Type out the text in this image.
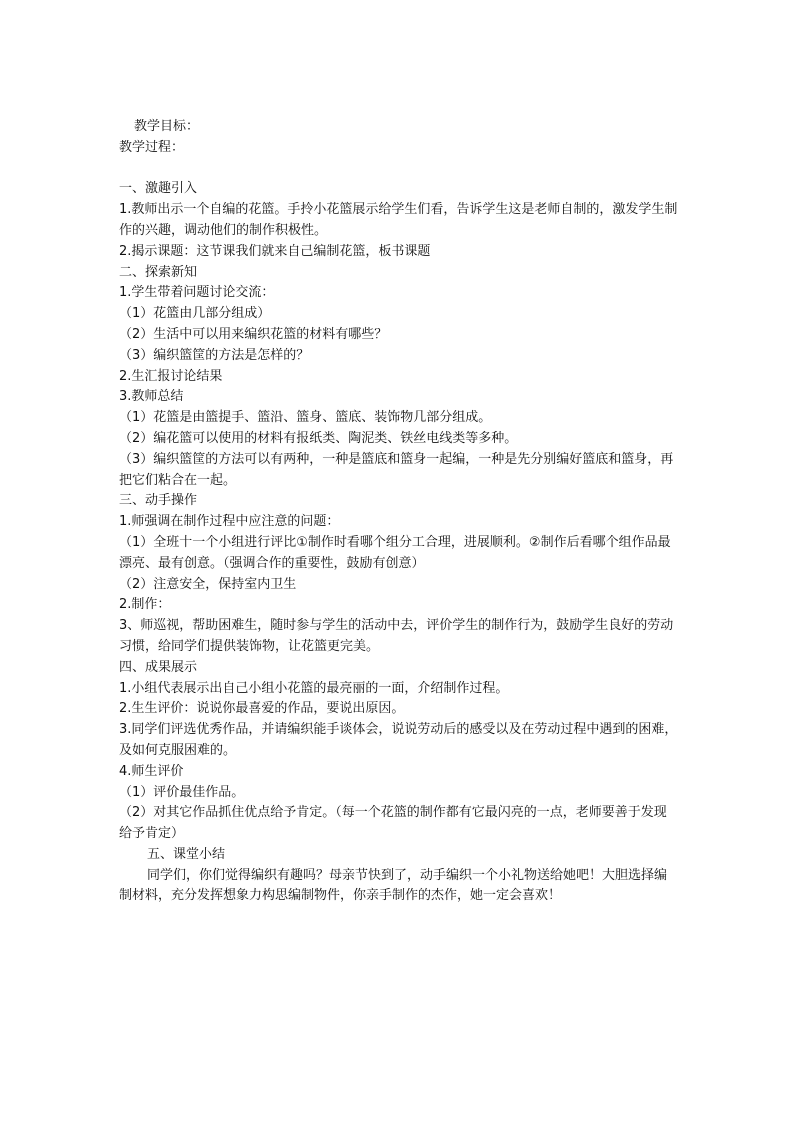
教学目标：

教学过程：

一、激趣引入

1.教师出示一个自编的花篮。手拎小花篮展示给学生们看，告诉学生这是老师自制的，激发学生制作的兴趣，调动他们的制作积极性。

2.揭示课题：这节课我们就来自己编制花篮，板书课题

二、探索新知

1.学生带着问题讨论交流：

（1）花篮由几部分组成）

（2）生活中可以用来编织花篮的材料有哪些？

（3）编织篮筐的方法是怎样的？

2.生汇报讨论结果

3.教师总结

（1）花篮是由篮提手、篮沿、篮身、篮底、装饰物几部分组成。

（2）编花篮可以使用的材料有报纸类、陶泥类、铁丝电线类等多种。

（3）编织篮筐的方法可以有两种，一种是篮底和篮身一起编，一种是先分别编好篮底和篮身，再把它们粘合在一起。

三、动手操作

1.师强调在制作过程中应注意的问题：

（1）全班十一个小组进行评比①制作时看哪个组分工合理，进展顺利。②制作后看哪个组作品最漂亮、最有创意。（强调合作的重要性，鼓励有创意）

（2）注意安全，保持室内卫生

2.制作：

3、师巡视，帮助困难生，随时参与学生的活动中去，评价学生的制作行为，鼓励学生良好的劳动习惯，给同学们提供装饰物，让花篮更完美。

四、成果展示

1.小组代表展示出自己小组小花篮的最亮丽的一面，介绍制作过程。

2.生生评价：说说你最喜爱的作品，要说出原因。

3.同学们评选优秀作品，并请编织能手谈体会，说说劳动后的感受以及在劳动过程中遇到的困难，及如何克服困难的。

4.师生评价

（1）评价最佳作品。

（2）对其它作品抓住优点给予肯定。（每一个花篮的制作都有它最闪亮的一点，老师要善于发现给予肯定）

五、课堂小结

同学们，你们觉得编织有趣吗？母亲节快到了，动手编织一个小礼物送给她吧！大胆选择编制材料，充分发挥想象力构思编制物件，你亲手制作的杰作，她一定会喜欢！
